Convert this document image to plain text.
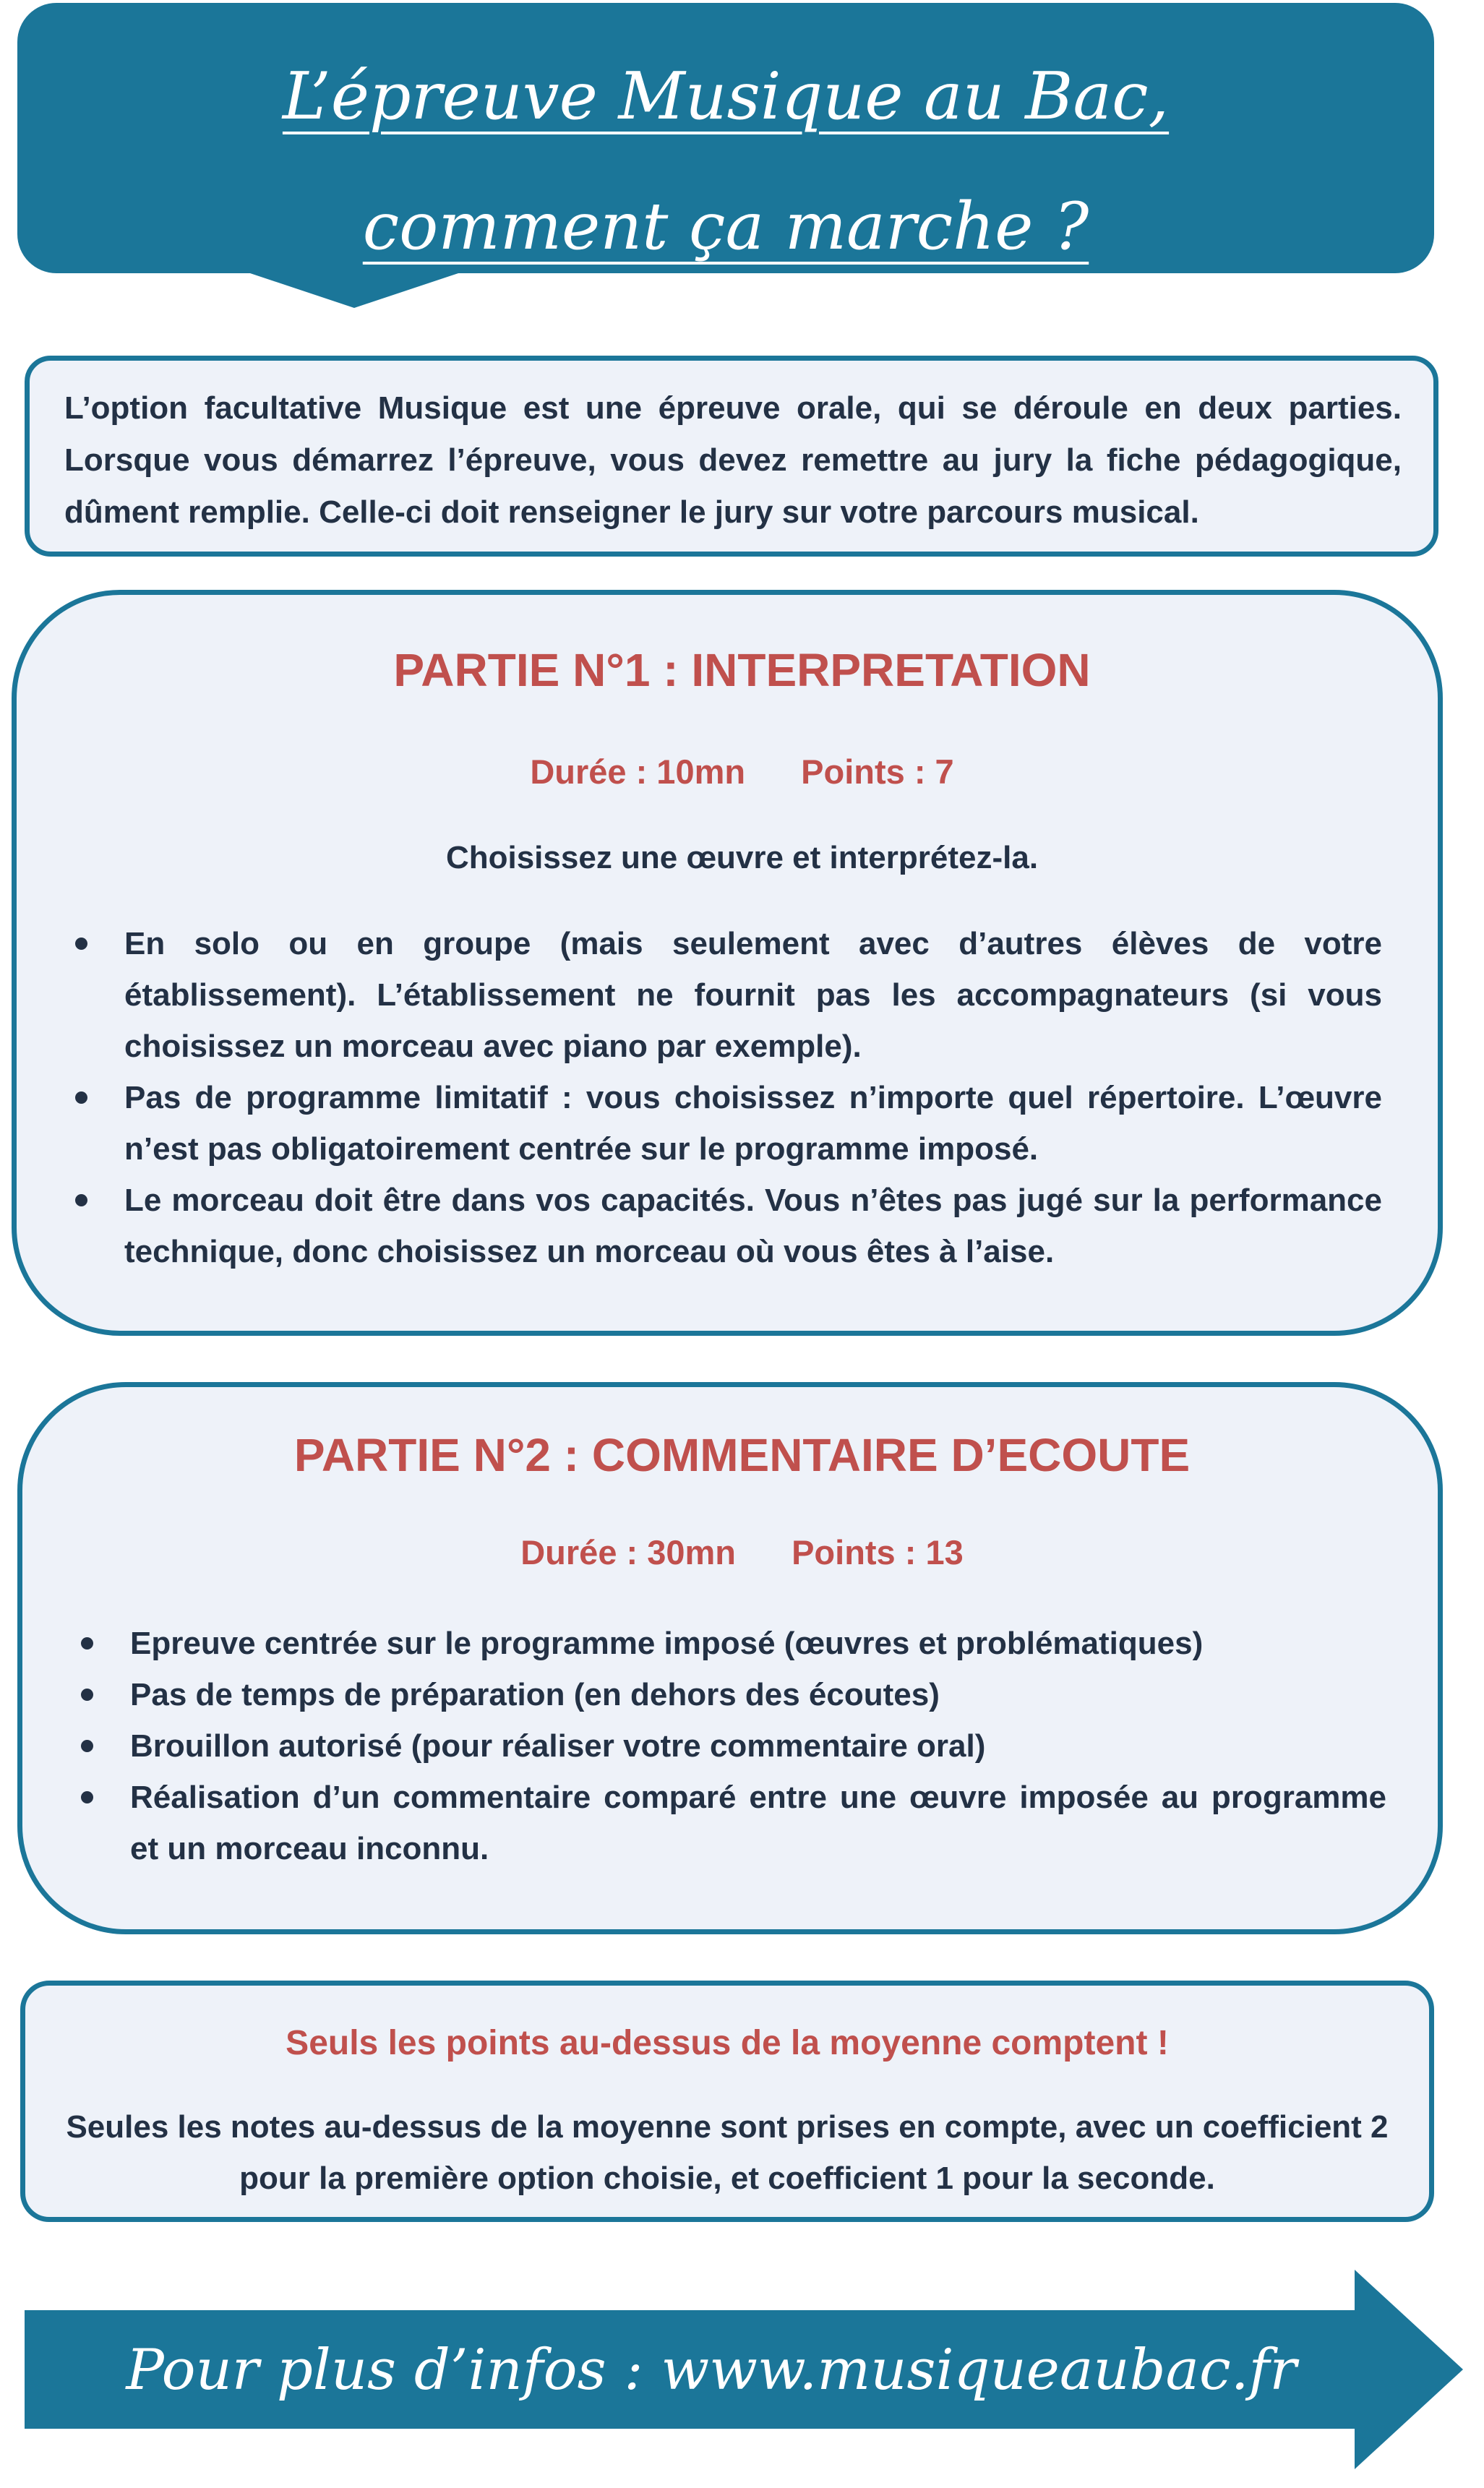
L’épreuve Musique au Bac,
comment ça marche ?

L’option facultative Musique est une épreuve orale, qui se déroule en deux parties. Lorsque vous démarrez l’épreuve, vous devez remettre au jury la fiche pédagogique, dûment remplie. Celle-ci doit renseigner le jury sur votre parcours musical.

PARTIE N°1 : INTERPRETATION
Durée : 10mn Points : 7
Choisissez une œuvre et interprétez-la.
En solo ou en groupe (mais seulement avec d’autres élèves de votre établissement). L’établissement ne fournit pas les accompagnateurs (si vous choisissez un morceau avec piano par exemple).
Pas de programme limitatif : vous choisissez n’importe quel répertoire. L’œuvre n’est pas obligatoirement centrée sur le programme imposé.
Le morceau doit être dans vos capacités. Vous n’êtes pas jugé sur la performance technique, donc choisissez un morceau où vous êtes à l’aise.
PARTIE N°2 : COMMENTAIRE D’ECOUTE
Durée : 30mn Points : 13
Epreuve centrée sur le programme imposé (œuvres et problématiques)
Pas de temps de préparation (en dehors des écoutes)
Brouillon autorisé (pour réaliser votre commentaire oral)
Réalisation d’un commentaire comparé entre une œuvre imposée au programme et un morceau inconnu.
Seuls les points au-dessus de la moyenne comptent !
Seules les notes au-dessus de la moyenne sont prises en compte, avec un coefficient 2
pour la première option choisie, et coefficient 1 pour la seconde.
Pour plus d’infos : www.musiqueaubac.fr
